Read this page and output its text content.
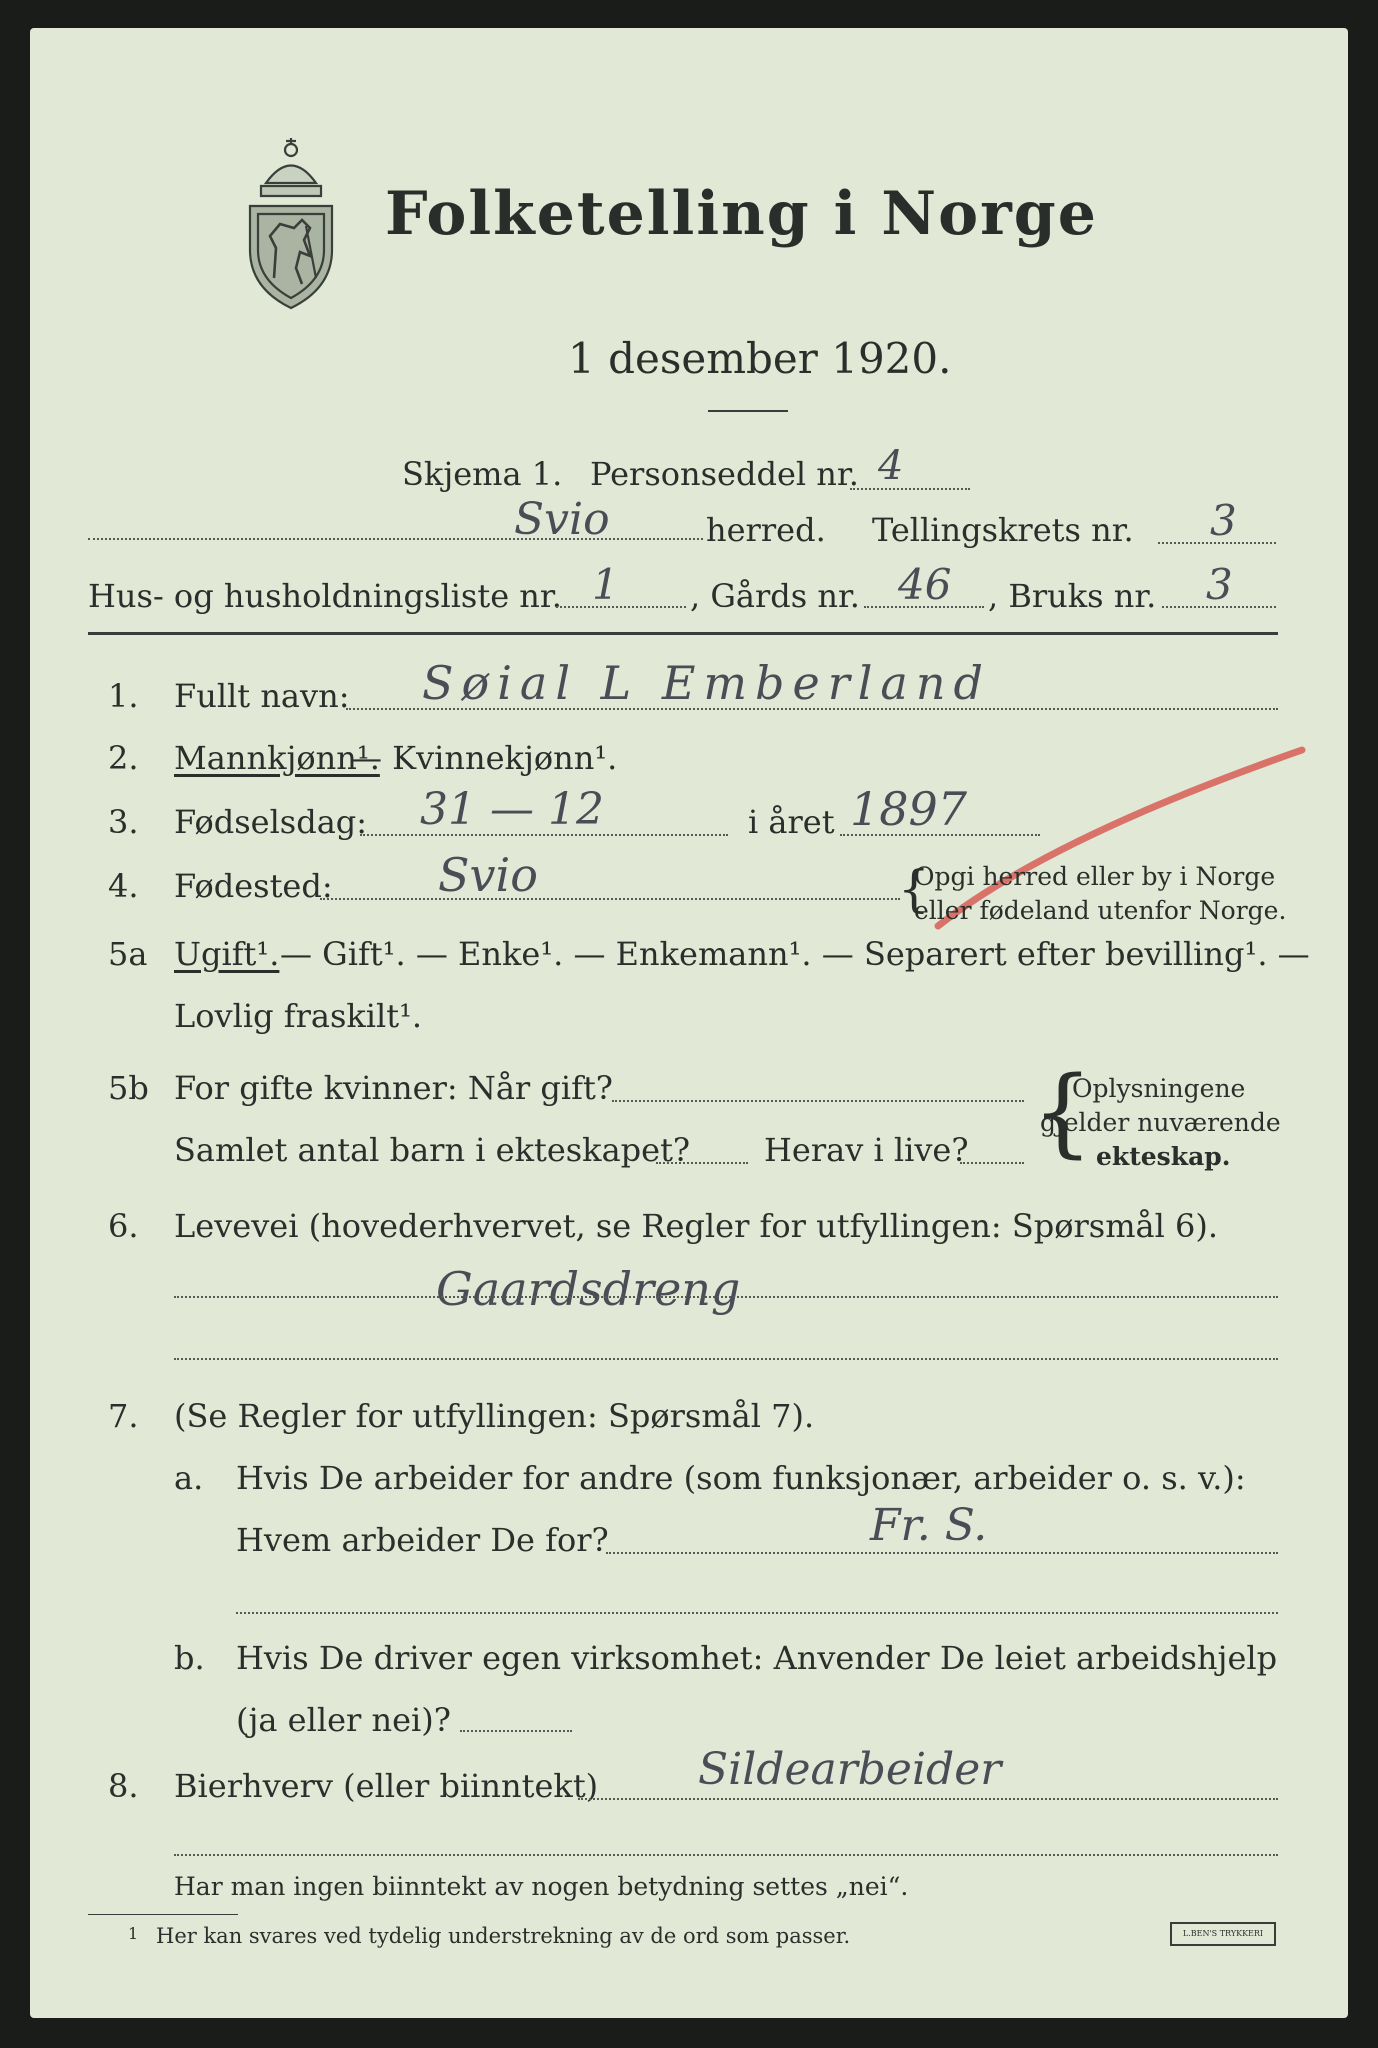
Folketelling i Norge
1 desember 1920.
Skjema 1. Personseddel nr. 4
Svio	herred. Tellingskrets nr. 3
Hus- og husholdningsliste nr. 1 , Gårds nr. 46 , Bruks nr. 3
1. Fullt navn: Søial L Emberland
2. Mannkjønn¹.
— Kvinnekjønn¹.
3. Fødselsdag: 31 — 12	i året 1897
4. Fødested: Svio	{
Opgi herred eller by i Norge
eller fødeland utenfor Norge.
5a Ugift¹. — Gift¹. — Enke¹. — Enkemann¹. — Separert efter bevilling¹. —
Lovlig fraskilt¹.
5b For gifte kvinner: Når gift?
Samlet antal barn i ekteskapet? Herav i live? {
Oplysningene
gjelder nuværende
ekteskap.
6. Levevei (hovederhvervet, se Regler for utfyllingen: Spørsmål 6).
Gaardsdreng
7. (Se Regler for utfyllingen: Spørsmål 7).
a. Hvis De arbeider for andre (som funksjonær, arbeider o. s. v.):
Hvem arbeider De for?	Fr. S.
b. Hvis De driver egen virksomhet: Anvender De leiet arbeidshjelp
(ja eller nei)?
8. Bierhverv (eller biinntekt) Sildearbeider
Har man ingen biinntekt av nogen betydning settes „nei“.
1 Her kan svares ved tydelig understrekning av de ord som passer.	L.BEN'S TRYKKERI
